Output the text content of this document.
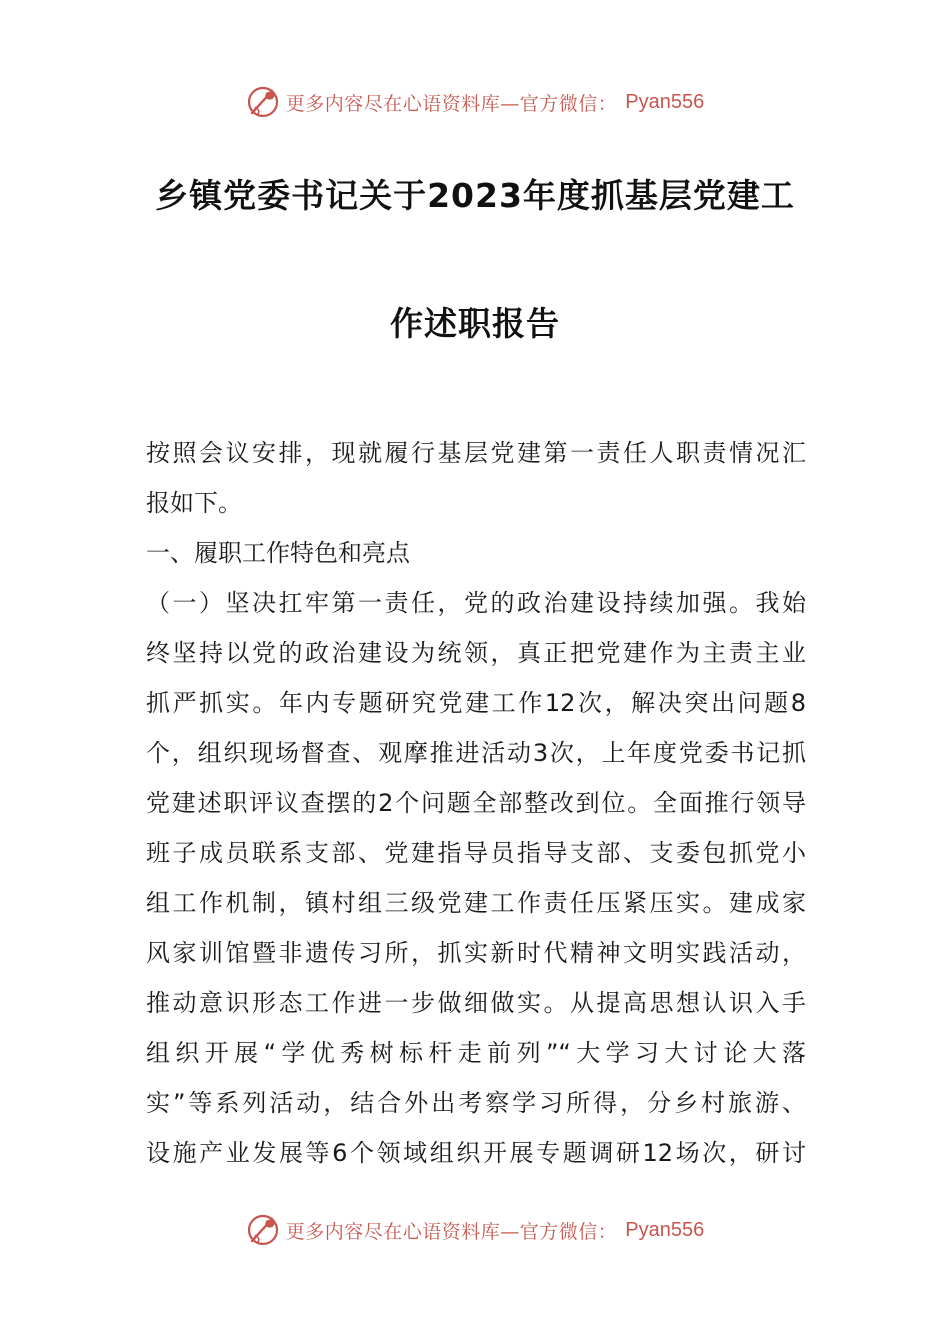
更多内容尽在心语资料库—官方微信： Pyan556
乡镇党委书记关于2023年度抓基层党建工
作述职报告
按照会议安排，现就履行基层党建第一责任人职责情况汇
报如下。
一、履职工作特色和亮点
（一）坚决扛牢第一责任，党的政治建设持续加强。我始
终坚持以党的政治建设为统领，真正把党建作为主责主业
抓严抓实。年内专题研究党建工作12次，解决突出问题8
个，组织现场督查、观摩推进活动3次，上年度党委书记抓
党建述职评议查摆的2个问题全部整改到位。全面推行领导
班子成员联系支部、党建指导员指导支部、支委包抓党小
组工作机制，镇村组三级党建工作责任压紧压实。建成家
风家训馆暨非遗传习所，抓实新时代精神文明实践活动，
推动意识形态工作进一步做细做实。从提高思想认识入手
组织开展“学优秀树标杆走前列”“大学习大讨论大落
实”等系列活动，结合外出考察学习所得，分乡村旅游、
设施产业发展等6个领域组织开展专题调研12场次，研讨
更多内容尽在心语资料库—官方微信： Pyan556
